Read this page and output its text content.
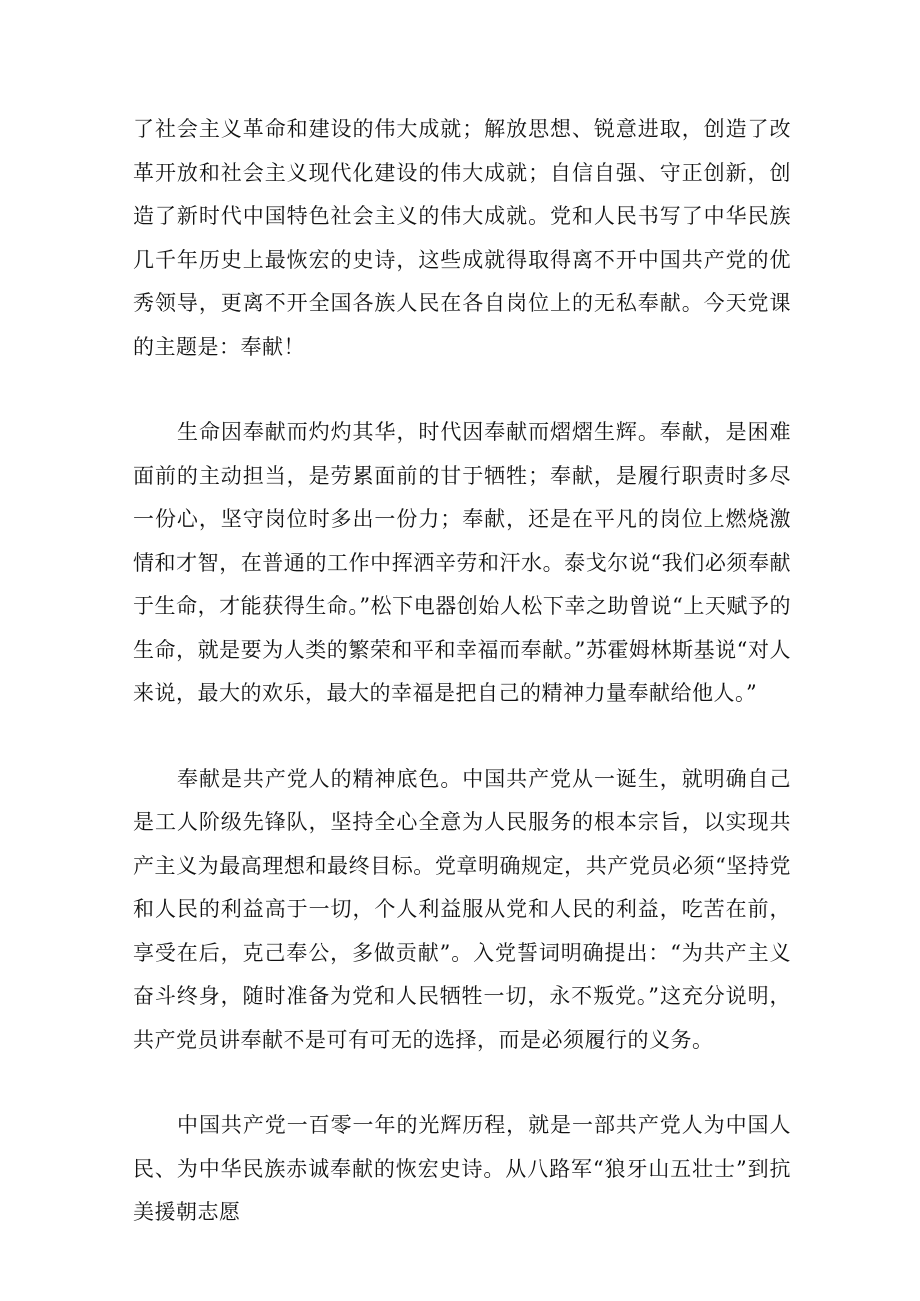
了社会主义革命和建设的伟大成就；解放思想、锐意进取，创造了改革开放和社会主义现代化建设的伟大成就；自信自强、守正创新，创造了新时代中国特色社会主义的伟大成就。党和人民书写了中华民族几千年历史上最恢宏的史诗，这些成就得取得离不开中国共产党的优秀领导，更离不开全国各族人民在各自岗位上的无私奉献。今天党课的主题是：奉献！

生命因奉献而灼灼其华，时代因奉献而熠熠生辉。奉献，是困难面前的主动担当，是劳累面前的甘于牺牲；奉献，是履行职责时多尽一份心，坚守岗位时多出一份力；奉献，还是在平凡的岗位上燃烧激情和才智，在普通的工作中挥洒辛劳和汗水。泰戈尔说“我们必须奉献于生命，才能获得生命。”松下电器创始人松下幸之助曾说“上天赋予的生命，就是要为人类的繁荣和平和幸福而奉献。”苏霍姆林斯基说“对人来说，最大的欢乐，最大的幸福是把自己的精神力量奉献给他人。”

奉献是共产党人的精神底色。中国共产党从一诞生，就明确自己是工人阶级先锋队，坚持全心全意为人民服务的根本宗旨，以实现共产主义为最高理想和最终目标。党章明确规定，共产党员必须“坚持党和人民的利益高于一切，个人利益服从党和人民的利益，吃苦在前，享受在后，克己奉公，多做贡献”。入党誓词明确提出：“为共产主义奋斗终身，随时准备为党和人民牺牲一切，永不叛党。”这充分说明，共产党员讲奉献不是可有可无的选择，而是必须履行的义务。

中国共产党一百零一年的光辉历程，就是一部共产党人为中国人民、为中华民族赤诚奉献的恢宏史诗。从八路军“狼牙山五壮士”到抗美援朝志愿
